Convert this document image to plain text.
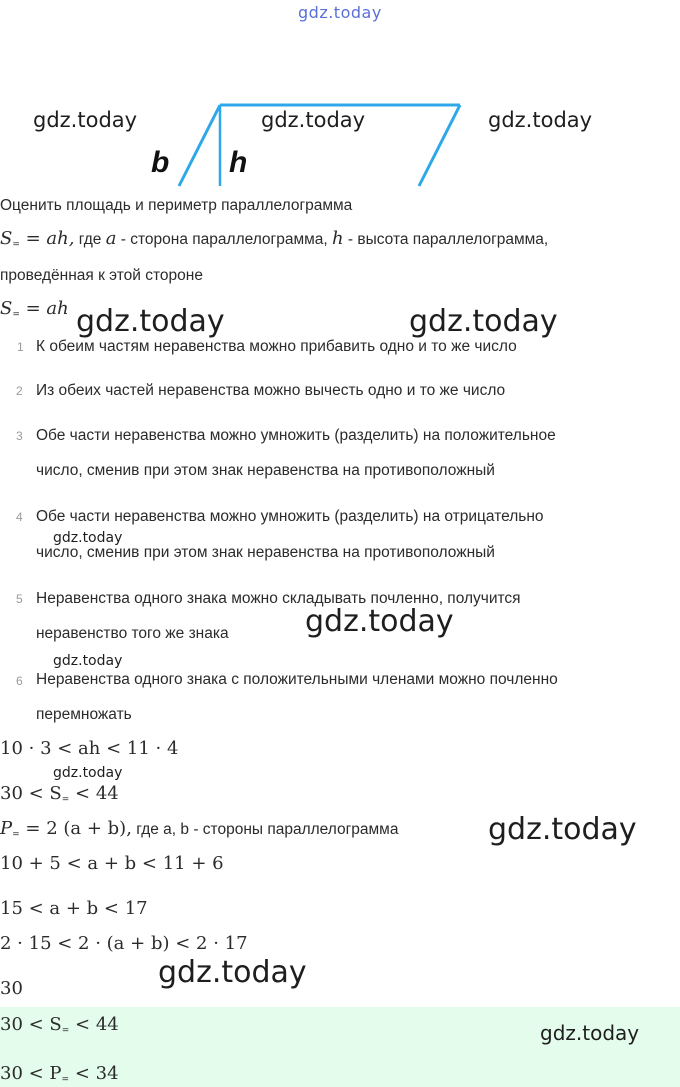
gdz.today
b h
gdz.today	gdz.today	gdz.today
Оценить площадь и периметр параллелограмма
$S_=$ = ah, где a - сторона параллелограмма, h - высота параллелограмма,
проведённая к этой стороне
$S_=$ = ah gdz.today	gdz.today
1 К обеим частям неравенства можно прибавить одно и то же число
2 Из обеих частей неравенства можно вычесть одно и то же число
3 Обе части неравенства можно умножить (разделить) на положительное
число, сменив при этом знак неравенства на противоположный
4 Обе части неравенства можно умножить (разделить) на отрицательно
число, сменив при этом знак неравенства на противоположный
gdz.today
5 Неравенства одного знака можно складывать почленно, получится
неравенство того же знака	gdz.today
gdz.today
6 Неравенства одного знака с положительными членами можно почленно
перемножать
10 · 3 < ah < 11 · 4
gdz.today
$30 < S_= < 44$
$P_= = 2$ (a + b), где a, b - стороны параллелограмма	gdz.today
10 + 5 < a + b < 11 + 6
15 < a + b < 17
2 · 15 < 2 · (a + b) < 2 · 17
gdz.today
30
$30 < S_= < 44$	gdz.today
$30 < P_= < 34$
